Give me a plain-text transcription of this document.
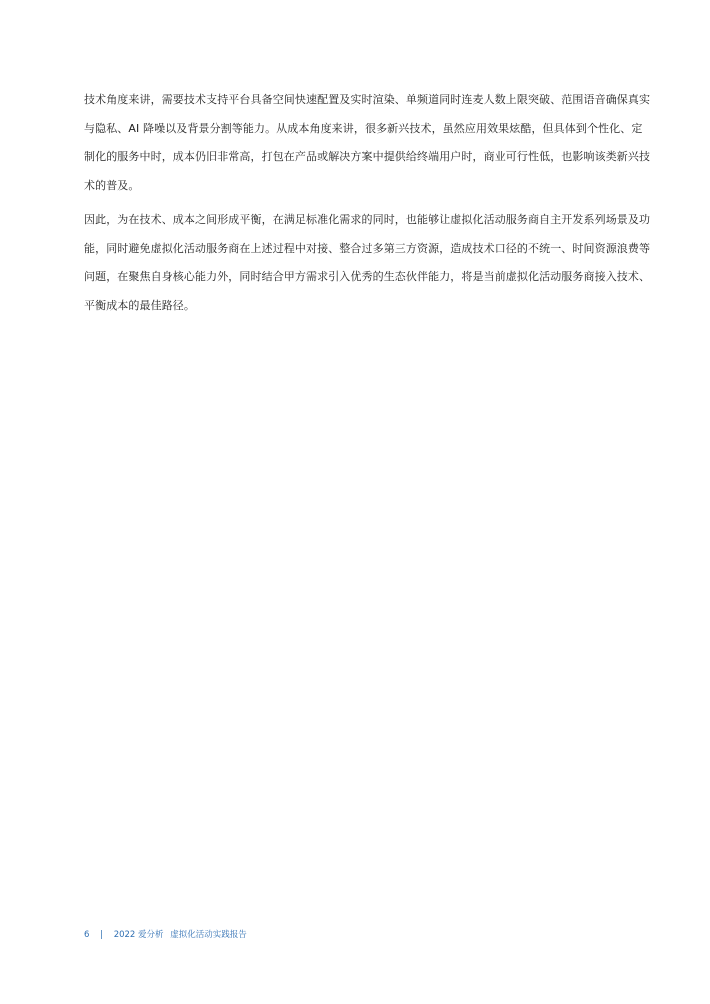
技术角度来讲，需要技术支持平台具备空间快速配置及实时渲染、单频道同时连麦人数上限突破、范围语音确保真实
与隐私、AI 降噪以及背景分割等能力。从成本角度来讲，很多新兴技术，虽然应用效果炫酷，但具体到个性化、定
制化的服务中时，成本仍旧非常高，打包在产品或解决方案中提供给终端用户时，商业可行性低，也影响该类新兴技
术的普及。

因此，为在技术、成本之间形成平衡，在满足标准化需求的同时，也能够让虚拟化活动服务商自主开发系列场景及功
能，同时避免虚拟化活动服务商在上述过程中对接、整合过多第三方资源，造成技术口径的不统一、时间资源浪费等
问题，在聚焦自身核心能力外，同时结合甲方需求引入优秀的生态伙伴能力，将是当前虚拟化活动服务商接入技术、
平衡成本的最佳路径。

6 | 2022 爱分析 虚拟化活动实践报告
